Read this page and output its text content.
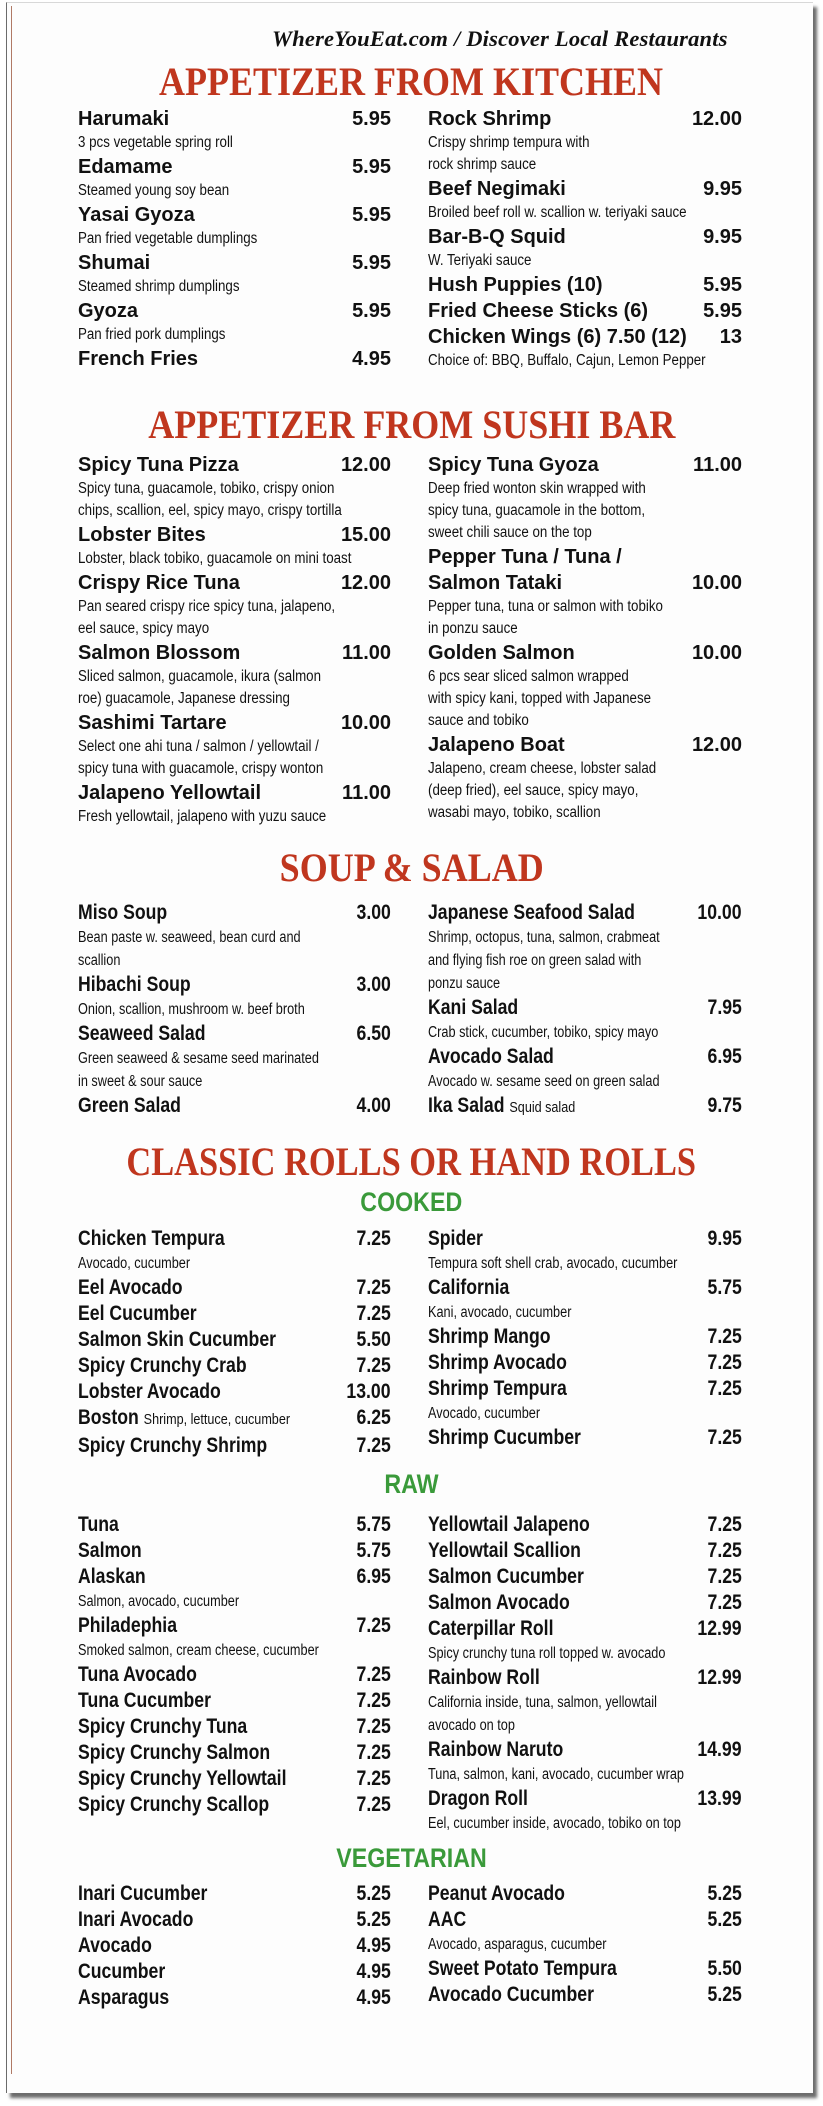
WhereYouEat.com / Discover Local Restaurants
APPETIZER FROM KITCHEN
Harumaki	5.95
3 pcs vegetable spring roll
Edamame	5.95
Steamed young soy bean
Yasai Gyoza	5.95
Pan fried vegetable dumplings
Shumai	5.95
Steamed shrimp dumplings
Gyoza	5.95
Pan fried pork dumplings
French Fries	4.95
Rock Shrimp	12.00
Crispy shrimp tempura with
rock shrimp sauce
Beef Negimaki	9.95
Broiled beef roll w. scallion w. teriyaki sauce
Bar-B-Q Squid	9.95
W. Teriyaki sauce
Hush Puppies (10)	5.95
Fried Cheese Sticks (6)	5.95
Chicken Wings (6) 7.50 (12) 13
Choice of: BBQ, Buffalo, Cajun, Lemon Pepper
APPETIZER FROM SUSHI BAR
Spicy Tuna Pizza	12.00
Spicy tuna, guacamole, tobiko, crispy onion
chips, scallion, eel, spicy mayo, crispy tortilla
Lobster Bites	15.00
Lobster, black tobiko, guacamole on mini toast
Crispy Rice Tuna	12.00
Pan seared crispy rice spicy tuna, jalapeno,
eel sauce, spicy mayo
Salmon Blossom	11.00
Sliced salmon, guacamole, ikura (salmon
roe) guacamole, Japanese dressing
Sashimi Tartare	10.00
Select one ahi tuna / salmon / yellowtail /
spicy tuna with guacamole, crispy wonton
Jalapeno Yellowtail	11.00
Fresh yellowtail, jalapeno with yuzu sauce
Spicy Tuna Gyoza	11.00
Deep fried wonton skin wrapped with
spicy tuna, guacamole in the bottom,
sweet chili sauce on the top
Pepper Tuna / Tuna /
Salmon Tataki	10.00
Pepper tuna, tuna or salmon with tobiko
in ponzu sauce
Golden Salmon	10.00
6 pcs sear sliced salmon wrapped
with spicy kani, topped with Japanese
sauce and tobiko
Jalapeno Boat	12.00
Jalapeno, cream cheese, lobster salad
(deep fried), eel sauce, spicy mayo,
wasabi mayo, tobiko, scallion
SOUP & SALAD
Miso Soup	3.00
Bean paste w. seaweed, bean curd and
scallion
Hibachi Soup	3.00
Onion, scallion, mushroom w. beef broth
Seaweed Salad	6.50
Green seaweed & sesame seed marinated
in sweet & sour sauce
Green Salad	4.00
Japanese Seafood Salad	10.00
Shrimp, octopus, tuna, salmon, crabmeat
and flying fish roe on green salad with
ponzu sauce
Kani Salad	7.95
Crab stick, cucumber, tobiko, spicy mayo
Avocado Salad	6.95
Avocado w. sesame seed on green salad
Ika Salad Squid salad	9.75
CLASSIC ROLLS OR HAND ROLLS
COOKED
Chicken Tempura	7.25
Avocado, cucumber
Eel Avocado	7.25
Eel Cucumber	7.25
Salmon Skin Cucumber	5.50
Spicy Crunchy Crab	7.25
Lobster Avocado	13.00
Boston Shrimp, lettuce, cucumber	6.25
Spicy Crunchy Shrimp	7.25
Spider	9.95
Tempura soft shell crab, avocado, cucumber
California	5.75
Kani, avocado, cucumber
Shrimp Mango	7.25
Shrimp Avocado	7.25
Shrimp Tempura	7.25
Avocado, cucumber
Shrimp Cucumber	7.25
RAW
Tuna	5.75
Salmon	5.75
Alaskan	6.95
Salmon, avocado, cucumber
Philadephia	7.25
Smoked salmon, cream cheese, cucumber
Tuna Avocado	7.25
Tuna Cucumber	7.25
Spicy Crunchy Tuna	7.25
Spicy Crunchy Salmon	7.25
Spicy Crunchy Yellowtail	7.25
Spicy Crunchy Scallop	7.25
Yellowtail Jalapeno	7.25
Yellowtail Scallion	7.25
Salmon Cucumber	7.25
Salmon Avocado	7.25
Caterpillar Roll	12.99
Spicy crunchy tuna roll topped w. avocado
Rainbow Roll	12.99
California inside, tuna, salmon, yellowtail
avocado on top
Rainbow Naruto	14.99
Tuna, salmon, kani, avocado, cucumber wrap
Dragon Roll	13.99
Eel, cucumber inside, avocado, tobiko on top
VEGETARIAN
Inari Cucumber	5.25
Inari Avocado	5.25
Avocado	4.95
Cucumber	4.95
Asparagus	4.95
Peanut Avocado	5.25
AAC	5.25
Avocado, asparagus, cucumber
Sweet Potato Tempura	5.50
Avocado Cucumber	5.25
